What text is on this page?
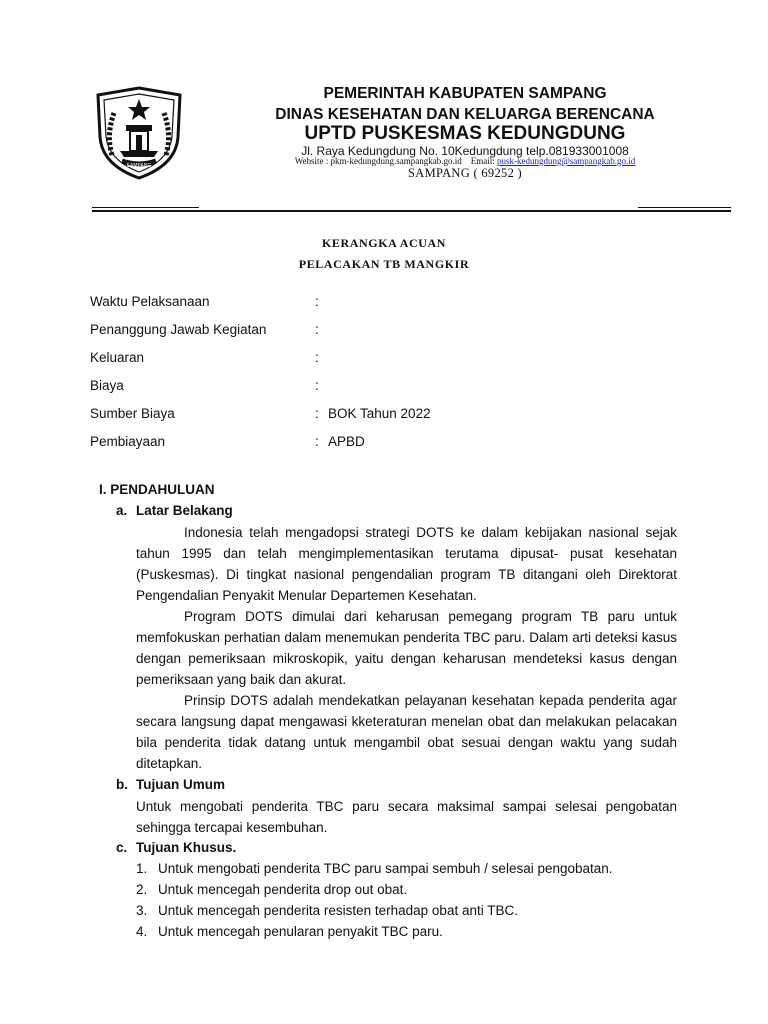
SAMPANG
PEMERINTAH KABUPATEN SAMPANG
DINAS KESEHATAN DAN KELUARGA BERENCANA
UPTD PUSKESMAS KEDUNGDUNG
Jl. Raya Kedungdung No. 10Kedungdung telp.081933001008
Website : pkm-kedungdung.sampangkab.go.id Email: pusk-kedungdung@sampangkab.go.id
SAMPANG ( 69252 )
KERANGKA ACUAN
PELACAKAN TB MANGKIR
Waktu Pelaksanaan	:
Penanggung Jawab Kegiatan	:
Keluaran	:
Biaya	:
Sumber Biaya	: BOK Tahun 2022
Pembiayaan	: APBD
I. PENDAHULUAN
a. Latar Belakang
Indonesia telah mengadopsi strategi DOTS ke dalam kebijakan nasional sejak tahun 1995 dan telah mengimplementasikan terutama dipusat- pusat kesehatan (Puskesmas). Di tingkat nasional pengendalian program TB ditangani oleh Direktorat Pengendalian Penyakit Menular Departemen Kesehatan.
Program DOTS dimulai dari keharusan pemegang program TB paru untuk memfokuskan perhatian dalam menemukan penderita TBC paru. Dalam arti deteksi kasus dengan pemeriksaan mikroskopik, yaitu dengan keharusan mendeteksi kasus dengan pemeriksaan yang baik dan akurat.
Prinsip DOTS adalah mendekatkan pelayanan kesehatan kepada penderita agar secara langsung dapat mengawasi kketeraturan menelan obat dan melakukan pelacakan bila penderita tidak datang untuk mengambil obat sesuai dengan waktu yang sudah ditetapkan.
b. Tujuan Umum
Untuk mengobati penderita TBC paru secara maksimal sampai selesai pengobatan sehingga tercapai kesembuhan.
c. Tujuan Khusus.
1. Untuk mengobati penderita TBC paru sampai sembuh / selesai pengobatan.
2. Untuk mencegah penderita drop out obat.
3. Untuk mencegah penderita resisten terhadap obat anti TBC.
4. Untuk mencegah penularan penyakit TBC paru.
